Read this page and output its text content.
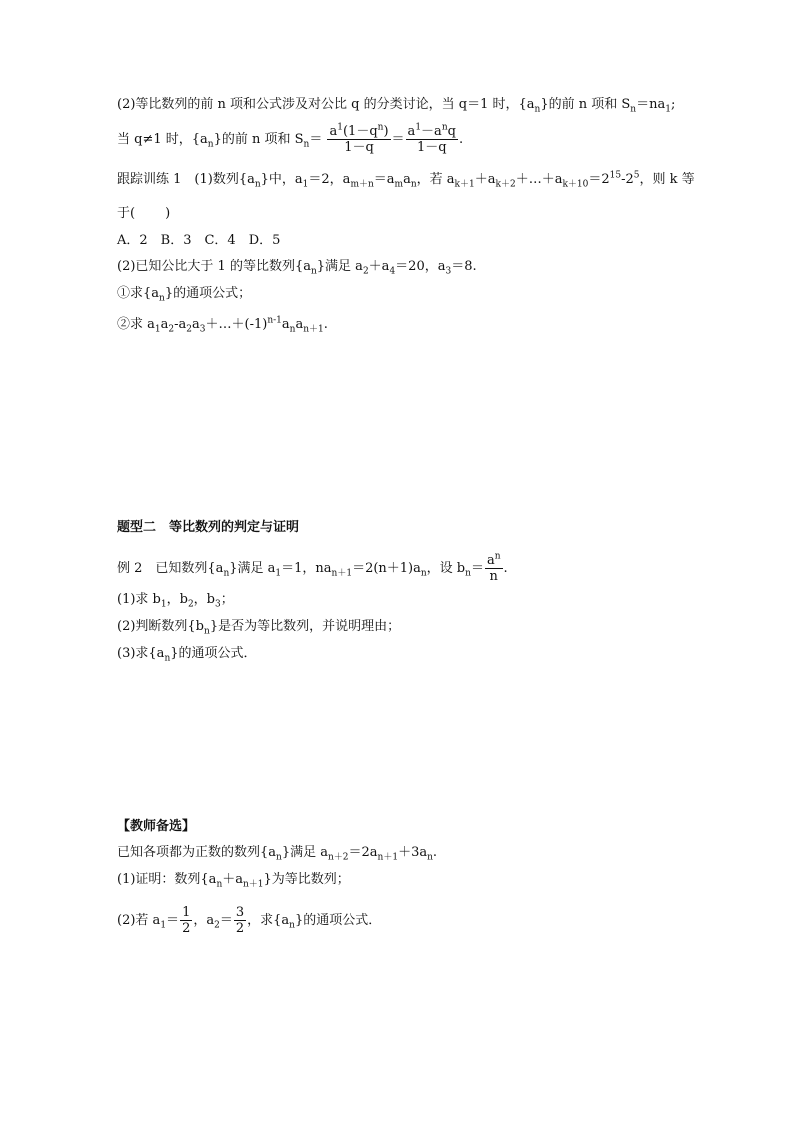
(2)等比数列的前 n 项和公式涉及对公比 q 的分类讨论，当 q＝1 时，$\{a_n\}$的前 n 项和 $S_n=na_1$;
当 q≠1 时，$\{a_n\}$的前 n 项和 $S_n= \frac{a^1(1-q^n)}{1-q} = \frac{a^1-a^nq}{1-q}$ .
跟踪训练 1　(1)数列$\{a_n\}$中，$a_1=2$，$a_{m+n}=a_ma_n$，若 $a_{k+1}+a_{k+2}+\dots+a_{k+10}=2^{15}-2^5$，则 k 等
于( )
A．2　B．3　C．4　D．5
(2)已知公比大于 1 的等比数列$\{a_n\}$满足 $a_2+a_4=20$，$a_3=8$.
①求$\{a_n\}$的通项公式；
②求 $a_1a_2-a_2a_3+\dots+(-1)^{n-1}a_na_{n+1}$.
题型二　等比数列的判定与证明
例 2　已知数列$\{a_n\}$满足 $a_1=1$，$na_{n+1}=2(n+1)a_n$，设 $b_n= \frac{a^n}{n}$ .
(1)求 $b_1$，$b_2$，$b_3$；
(2)判断数列$\{b_n\}$是否为等比数列，并说明理由；
(3)求$\{a_n\}$的通项公式．
【教师备选】
已知各项都为正数的数列$\{a_n\}$满足 $a_{n+2}=2a_{n+1}+3a_n$.
(1)证明：数列$\{a_n+a_{n+1}\}$为等比数列；
(2)若 $a_1= \frac{1}{2}$ ，$a_2= \frac{3}{2}$ ，求$\{a_n\}$的通项公式．
